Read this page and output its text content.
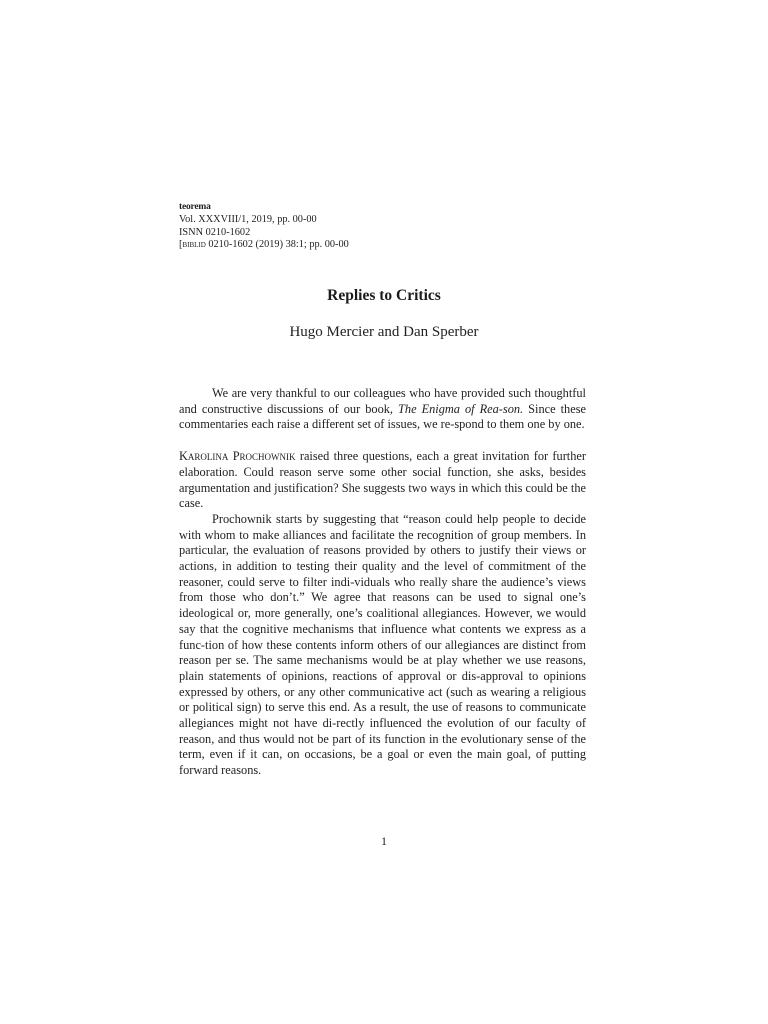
teorema
Vol. XXXVIII/1, 2019, pp. 00-00
ISNN 0210-1602
[biblid 0210-1602 (2019) 38:1; pp. 00-00
Replies to Critics
Hugo Mercier and Dan Sperber

We are very thankful to our colleagues who have provided such thoughtful and constructive discussions of our book, The Enigma of Rea-son. Since these commentaries each raise a different set of issues, we re-spond to them one by one.

Karolina Prochownik raised three questions, each a great invitation for further elaboration. Could reason serve some other social function, she asks, besides argumentation and justification? She suggests two ways in which this could be the case.

Prochownik starts by suggesting that “reason could help people to decide with whom to make alliances and facilitate the recognition of group members. In particular, the evaluation of reasons provided by others to justify their views or actions, in addition to testing their quality and the level of commitment of the reasoner, could serve to filter indi-viduals who really share the audience’s views from those who don’t.” We agree that reasons can be used to signal one’s ideological or, more generally, one’s coalitional allegiances. However, we would say that the cognitive mechanisms that influence what contents we express as a func-tion of how these contents inform others of our allegiances are distinct from reason per se. The same mechanisms would be at play whether we use reasons, plain statements of opinions, reactions of approval or dis-approval to opinions expressed by others, or any other communicative act (such as wearing a religious or political sign) to serve this end. As a result, the use of reasons to communicate allegiances might not have di-rectly influenced the evolution of our faculty of reason, and thus would not be part of its function in the evolutionary sense of the term, even if it can, on occasions, be a goal or even the main goal, of putting forward reasons.

1
